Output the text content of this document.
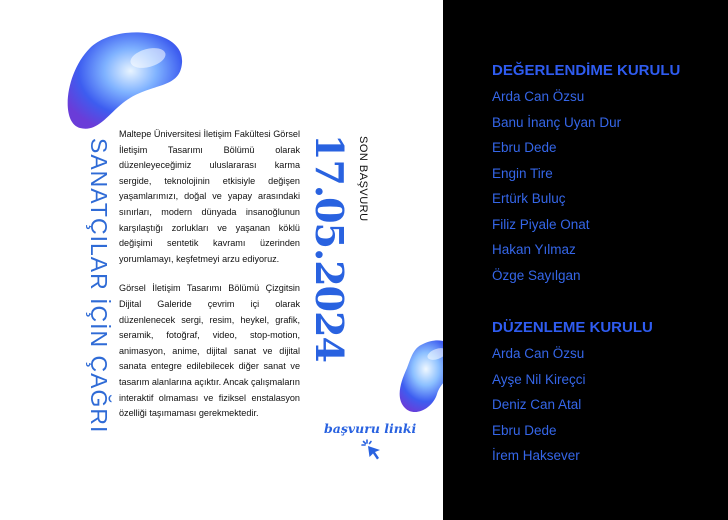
SANATÇILAR İÇİN ÇAĞRI

Maltepe Üniversitesi İletişim Fakültesi Görsel İletişim Tasarımı Bölümü olarak düzenleyeceğimiz uluslararası karma sergide, teknolojinin etkisiyle değişen yaşamlarımızı, doğal ve yapay arasındaki sınırları, modern dünyada insanoğlunun karşılaştığı zorlukları ve yaşanan köklü değişimi sentetik kavramı üzerinden yorumlamayı, keşfetmeyi arzu ediyoruz.

Görsel İletişim Tasarımı Bölümü Çizgitsin Dijital Galeride çevrim içi olarak düzenlenecek sergi, resim, heykel, grafik, seramik, fotoğraf, video, stop-motion, animasyon, anime, dijital sanat ve dijital sanata entegre edilebilecek diğer sanat ve tasarım alanlarına açıktır. Ancak çalışmaların interaktif olmaması ve fiziksel enstalasyon özelliği taşımaması gerekmektedir.

17.05.2024 SON BAŞVURU
başvuru linki
DEĞERLENDİME KURULU
Arda Can Özsu
Banu İnanç Uyan Dur
Ebru Dede
Engin Tire
Ertürk Buluç
Filiz Piyale Onat
Hakan Yılmaz
Özge Sayılgan
DÜZENLEME KURULU
Arda Can Özsu
Ayşe Nil Kireçci
Deniz Can Atal
Ebru Dede
İrem Haksever
